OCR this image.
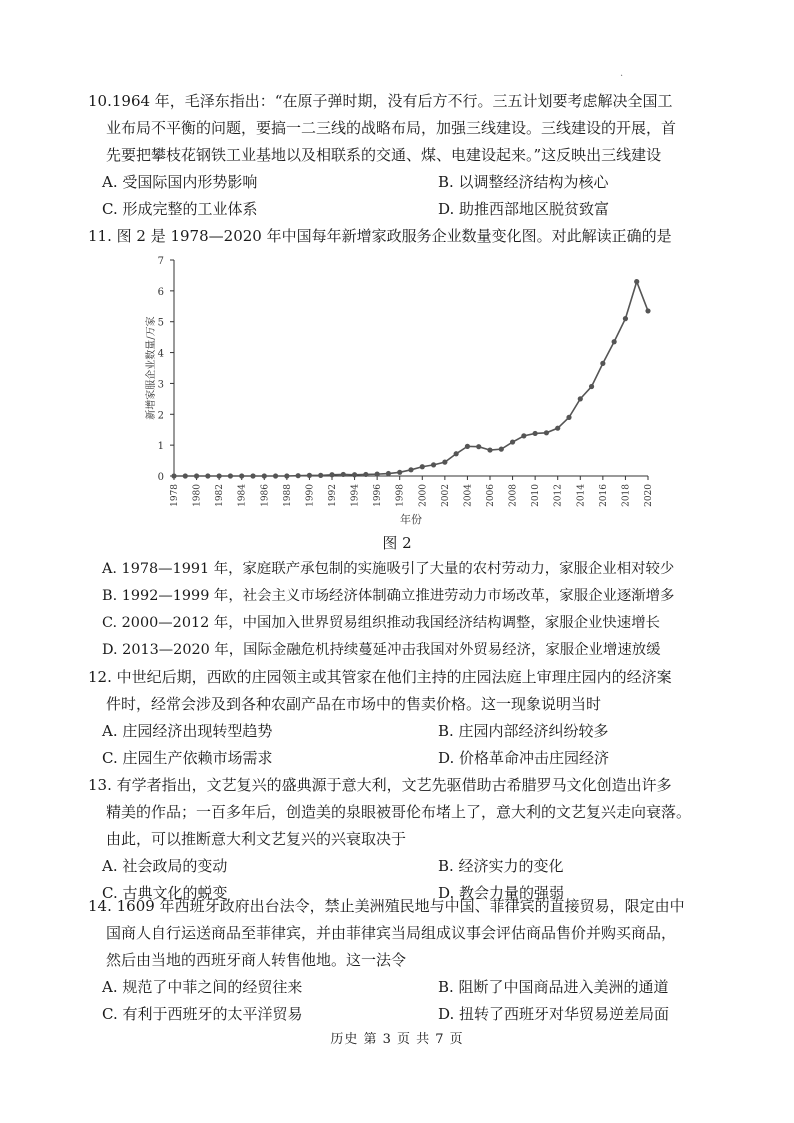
.
10.1964 年，毛泽东指出：“在原子弹时期，没有后方不行。三五计划要考虑解决全国工
业布局不平衡的问题，要搞一二三线的战略布局，加强三线建设。三线建设的开展，首
先要把攀枝花钢铁工业基地以及相联系的交通、煤、电建设起来。”这反映出三线建设
A. 受国际国内形势影响	B. 以调整经济结构为核心
C. 形成完整的工业体系	D. 助推西部地区脱贫致富
11. 图 2 是 1978—2020 年中国每年新增家政服务企业数量变化图。对此解读正确的是
0
1
2
3
4
5
6
7
1978 1980 1982 1984 1986 1988 1990 1992 1994 1996 1998 2000 2002 2004 2006 2008 2010 2012 2014 2016 2018 2020
新增家服企业数量/万家
年份
图 2
A. 1978—1991 年，家庭联产承包制的实施吸引了大量的农村劳动力，家服企业相对较少
B. 1992—1999 年，社会主义市场经济体制确立推进劳动力市场改革，家服企业逐渐增多
C. 2000—2012 年，中国加入世界贸易组织推动我国经济结构调整，家服企业快速增长
D. 2013—2020 年，国际金融危机持续蔓延冲击我国对外贸易经济，家服企业增速放缓
12. 中世纪后期，西欧的庄园领主或其管家在他们主持的庄园法庭上审理庄园内的经济案
件时，经常会涉及到各种农副产品在市场中的售卖价格。这一现象说明当时
A. 庄园经济出现转型趋势	B. 庄园内部经济纠纷较多
C. 庄园生产依赖市场需求	D. 价格革命冲击庄园经济
13. 有学者指出，文艺复兴的盛典源于意大利，文艺先驱借助古希腊罗马文化创造出许多
精美的作品；一百多年后，创造美的泉眼被哥伦布堵上了，意大利的文艺复兴走向衰落。
由此，可以推断意大利文艺复兴的兴衰取决于
A. 社会政局的变动	B. 经济实力的变化
C. 古典文化的蜕变	D. 教会力量的强弱
14. 1609 年西班牙政府出台法令，禁止美洲殖民地与中国、菲律宾的直接贸易，限定由中
国商人自行运送商品至菲律宾，并由菲律宾当局组成议事会评估商品售价并购买商品，
然后由当地的西班牙商人转售他地。这一法令
A. 规范了中菲之间的经贸往来	B. 阻断了中国商品进入美洲的通道
C. 有利于西班牙的太平洋贸易	D. 扭转了西班牙对华贸易逆差局面
历史 第 3 页 共 7 页
